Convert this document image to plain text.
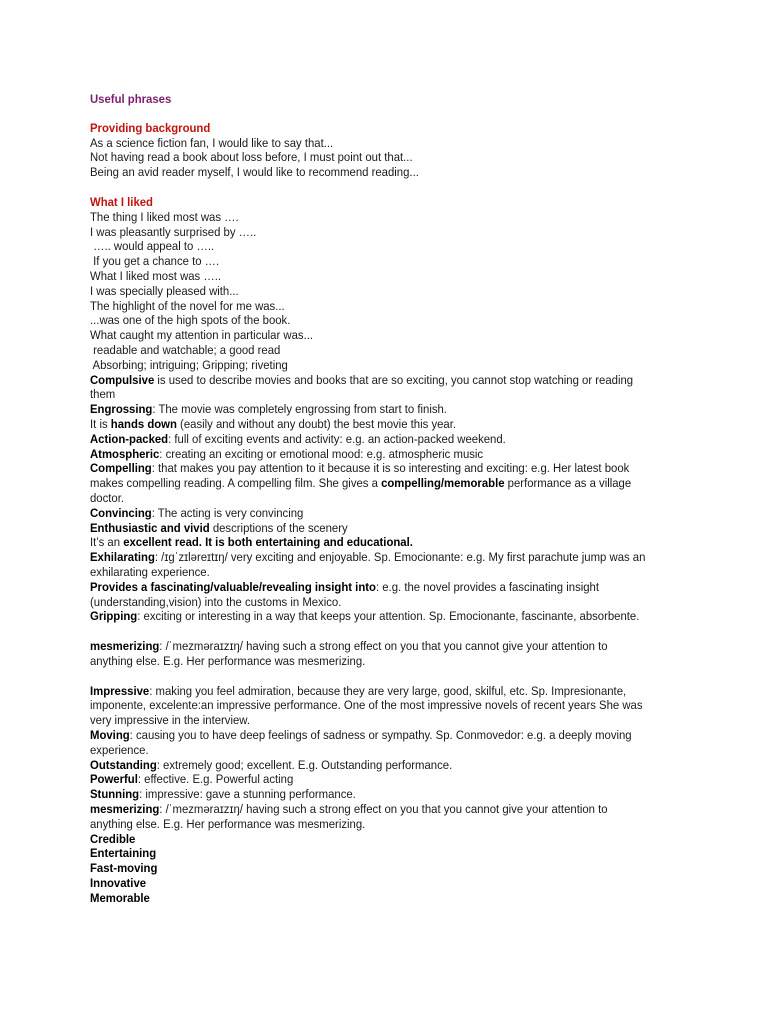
Useful phrases
Providing background
As a science fiction fan, I would like to say that...
Not having read a book about loss before, I must point out that...
Being an avid reader myself, I would like to recommend reading...
What I liked
The thing I liked most was ….
I was pleasantly surprised by …..
….. would appeal to …..
If you get a chance to ….
What I liked most was …..
I was specially pleased with...
The highlight of the novel for me was...
...was one of the high spots of the book.
What caught my attention in particular was...
readable and watchable; a good read
Absorbing; intriguing; Gripping; riveting
Compulsive is used to describe movies and books that are so exciting, you cannot stop watching or reading them
Engrossing: The movie was completely engrossing from start to finish.
It is hands down (easily and without any doubt) the best movie this year.
Action-packed: full of exciting events and activity: e.g. an action-packed weekend.
Atmospheric: creating an exciting or emotional mood: e.g. atmospheric music
Compelling: that makes you pay attention to it because it is so interesting and exciting: e.g. Her latest book makes compelling reading. A compelling film. She gives a compelling/memorable performance as a village doctor.
Convincing: The acting is very convincing
Enthusiastic and vivid descriptions of the scenery
It’s an excellent read. It is both entertaining and educational.
Exhilarating: /ɪɡˈzɪləreɪtɪŋ/ very exciting and enjoyable. Sp. Emocionante: e.g. My first parachute jump was an exhilarating experience.
Provides a fascinating/valuable/revealing insight into: e.g. the novel provides a fascinating insight (understanding,vision) into the customs in Mexico.
Gripping: exciting or interesting in a way that keeps your attention. Sp. Emocionante, fascinante, absorbente.
mesmerizing: /ˈmezməraɪzɪŋ/ having such a strong effect on you that you cannot give your attention to anything else. E.g. Her performance was mesmerizing.
Impressive: making you feel admiration, because they are very large, good, skilful, etc. Sp. Impresionante, imponente, excelente:an impressive performance. One of the most impressive novels of recent years She was very impressive in the interview.
Moving: causing you to have deep feelings of sadness or sympathy. Sp. Conmovedor: e.g. a deeply moving experience.
Outstanding: extremely good; excellent. E.g. Outstanding performance.
Powerful: effective. E.g. Powerful acting
Stunning: impressive: gave a stunning performance.
mesmerizing: /ˈmezməraɪzɪŋ/ having such a strong effect on you that you cannot give your attention to anything else. E.g. Her performance was mesmerizing.
Credible
Entertaining
Fast-moving
Innovative
Memorable
